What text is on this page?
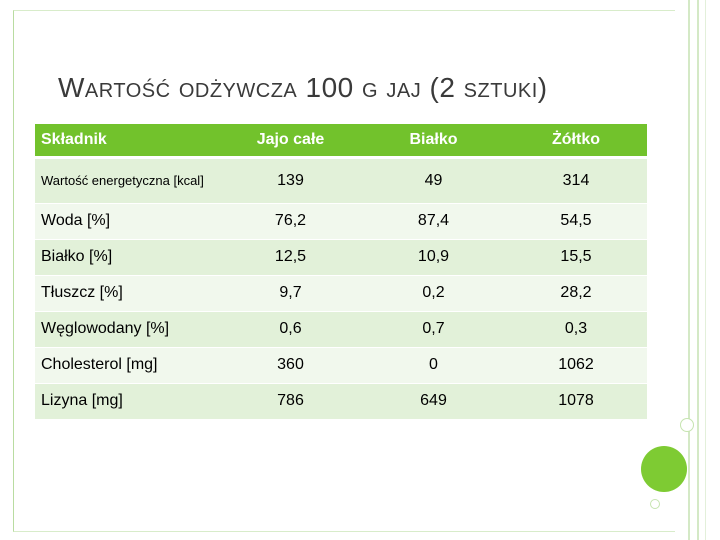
Wartość odżywcza 100 g jaj (2 sztuki)
Składnik	Jajo całe	Białko	Żółtko
Wartość energetyczna [kcal]	139	49	314
Woda [%]	76,2	87,4	54,5
Białko [%]	12,5	10,9	15,5
Tłuszcz [%]	9,7	0,2	28,2
Węglowodany [%]	0,6	0,7	0,3
Cholesterol [mg]	360	0	1062
Lizyna [mg]	786	649	1078
